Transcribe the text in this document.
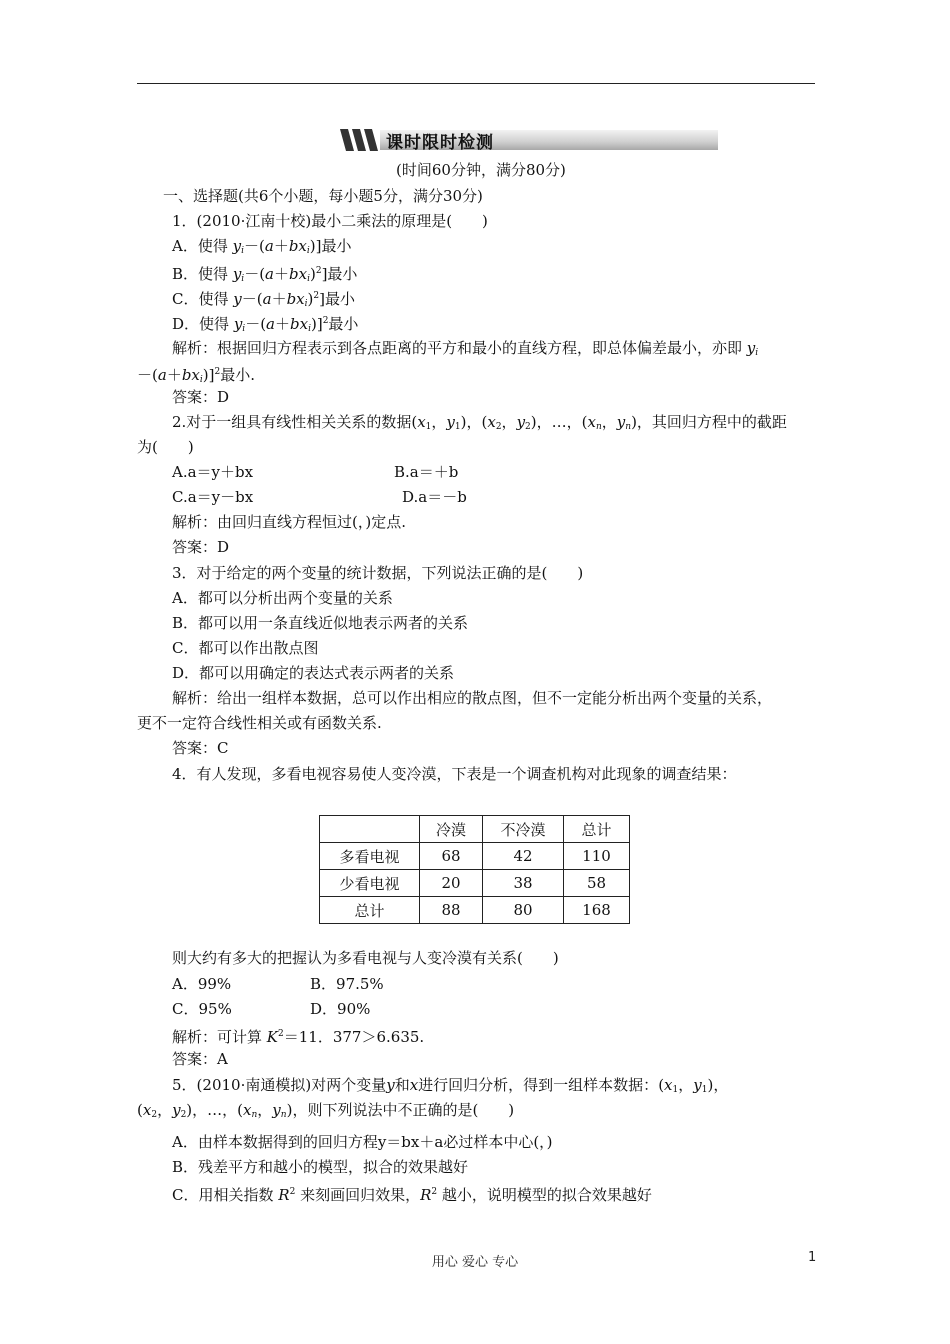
课时限时检测
(时间60分钟，满分80分)
一、选择题(共6个小题，每小题5分，满分30分)
1．(2010·江南十校)最小二乘法的原理是(　　)
A．使得 $y_i-(a+bx_i)$]最小
B．使得 $y_i-(a+bx_i)^2$]最小
C．使得 $y-(a+bx_i)^2$]最小
D．使得 $y_i-(a+bx_i)]^2$最小
解析：根据回归方程表示到各点距离的平方和最小的直线方程，即总体偏差最小，亦即 $y_i$
$-(a+bx_i)]^2$最小.
答案：D
2.对于一组具有线性相关关系的数据($x_1$，$y_1$)，($x_2$，$y_2$)，…，($x_n$，$y_n$)，其回归方程中的截距
为(　　)
A.a＝y＋bx	B.a＝＋b
C.a＝y－bx	D.a＝－b
解析：由回归直线方程恒过(，)定点.
答案：D
3．对于给定的两个变量的统计数据，下列说法正确的是(　　)
A．都可以分析出两个变量的关系
B．都可以用一条直线近似地表示两者的关系
C．都可以作出散点图
D．都可以用确定的表达式表示两者的关系
解析：给出一组样本数据，总可以作出相应的散点图，但不一定能分析出两个变量的关系，
更不一定符合线性相关或有函数关系.
答案：C
4．有人发现，多看电视容易使人变冷漠，下表是一个调查机构对此现象的调查结果：
	冷漠	不冷漠	总计
多看电视	68	42	110
少看电视	20	38	58
总计	88	80	168
则大约有多大的把握认为多看电视与人变冷漠有关系(　　)
A．99%	B．97.5%
C．95%	D．90%
解析：可计算 $K^2=11$．377＞6.635.
答案：A
5．(2010·南通模拟)对两个变量y和x进行回归分析，得到一组样本数据：($x_1$，$y_1$)，
($x_2$，$y_2$)，…，($x_n$，$y_n$)，则下列说法中不正确的是(　　)
A．由样本数据得到的回归方程y＝bx＋a必过样本中心(，)
B．残差平方和越小的模型，拟合的效果越好
C．用相关指数 $R^2$ 来刻画回归效果，$R^2$ 越小，说明模型的拟合效果越好
用心 爱心 专心	1
